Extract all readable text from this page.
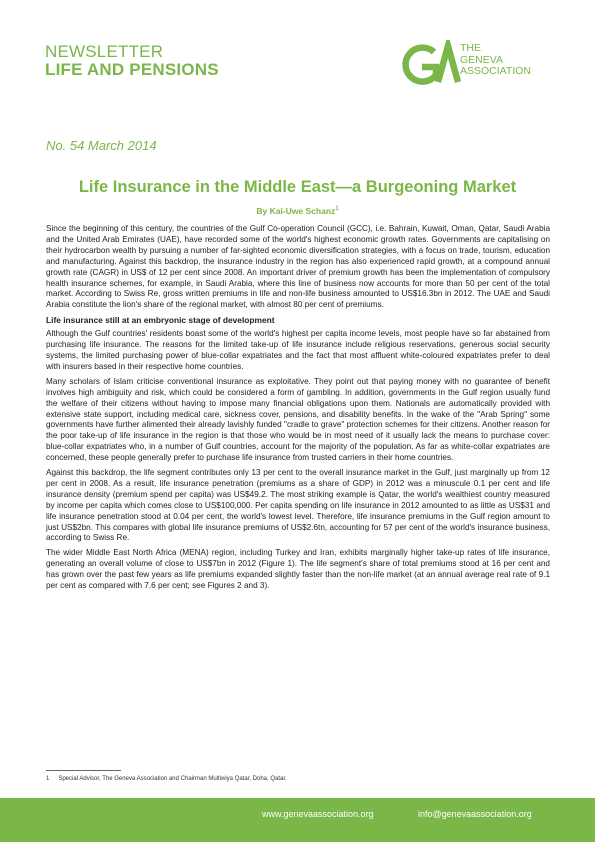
NEWSLETTER
LIFE AND PENSIONS
THE
GENEVA
ASSOCIATION
No. 54 March 2014
Life Insurance in the Middle East—a Burgeoning Market
By Kai-Uwe Schanz$^1$

Since the beginning of this century, the countries of the Gulf Co-operation Council (GCC), i.e. Bahrain, Kuwait, Oman, Qatar, Saudi Arabia and the United Arab Emirates (UAE), have recorded some of the world's highest economic growth rates. Governments are capitalising on their hydrocarbon wealth by pursuing a number of far-sighted economic diversification strategies, with a focus on trade, tourism, education and manufacturing. Against this backdrop, the insurance industry in the region has also experienced rapid growth, at a compound annual growth rate (CAGR) in US$ of 12 per cent since 2008. An important driver of premium growth has been the implementation of compulsory health insurance schemes, for example, in Saudi Arabia, where this line of business now accounts for more than 50 per cent of the total market. According to Swiss Re, gross written premiums in life and non-life business amounted to US$16.3bn in 2012. The UAE and Saudi Arabia constitute the lion's share of the regional market, with almost 80 per cent of premiums.

Life insurance still at an embryonic stage of development

Although the Gulf countries' residents boast some of the world's highest per capita income levels, most people have so far abstained from purchasing life insurance. The reasons for the limited take-up of life insurance include religious reservations, generous social security systems, the limited purchasing power of blue-collar expatriates and the fact that most affluent white-coloured expatriates prefer to deal with insurers based in their respective home countries.

Many scholars of Islam criticise conventional insurance as exploitative. They point out that paying money with no guarantee of benefit involves high ambiguity and risk, which could be considered a form of gambling. In addition, governments in the Gulf region usually fund the welfare of their citizens without having to impose many financial obligations upon them. Nationals are automatically provided with extensive state support, including medical care, sickness cover, pensions, and disability benefits. In the wake of the "Arab Spring" some governments have further alimented their already lavishly funded "cradle to grave" protection schemes for their citizens. Another reason for the poor take-up of life insurance in the region is that those who would be in most need of it usually lack the means to purchase cover: blue-collar expatriates who, in a number of Gulf countries, account for the majority of the population. As far as white-collar expatriates are concerned, these people generally prefer to purchase life insurance from trusted carriers in their home countries.

Against this backdrop, the life segment contributes only 13 per cent to the overall insurance market in the Gulf, just marginally up from 12 per cent in 2008. As a result, life insurance penetration (premiums as a share of GDP) in 2012 was a minuscule 0.1 per cent and life insurance density (premium spend per capita) was US$49.2. The most striking example is Qatar, the world's wealthiest country measured by income per capita which comes close to US$100,000. Per capita spending on life insurance in 2012 amounted to as little as US$31 and life insurance penetration stood at 0.04 per cent, the world's lowest level. Therefore, life insurance premiums in the Gulf region amount to just US$2bn. This compares with global life insurance premiums of US$2.6tn, accounting for 57 per cent of the world's insurance business, according to Swiss Re.

The wider Middle East North Africa (MENA) region, including Turkey and Iran, exhibits marginally higher take-up rates of life insurance, generating an overall volume of close to US$7bn in 2012 (Figure 1). The life segment's share of total premiums stood at 16 per cent and has grown over the past few years as life premiums expanded slightly faster than the non-life market (at an annual average real rate of 9.1 per cent as compared with 7.6 per cent; see Figures 2 and 3).

1 Special Advisor, The Geneva Association and Chairman Multiwiya Qatar, Doha, Qatar.
www.genevaassociation.org	info@genevaassociation.org
